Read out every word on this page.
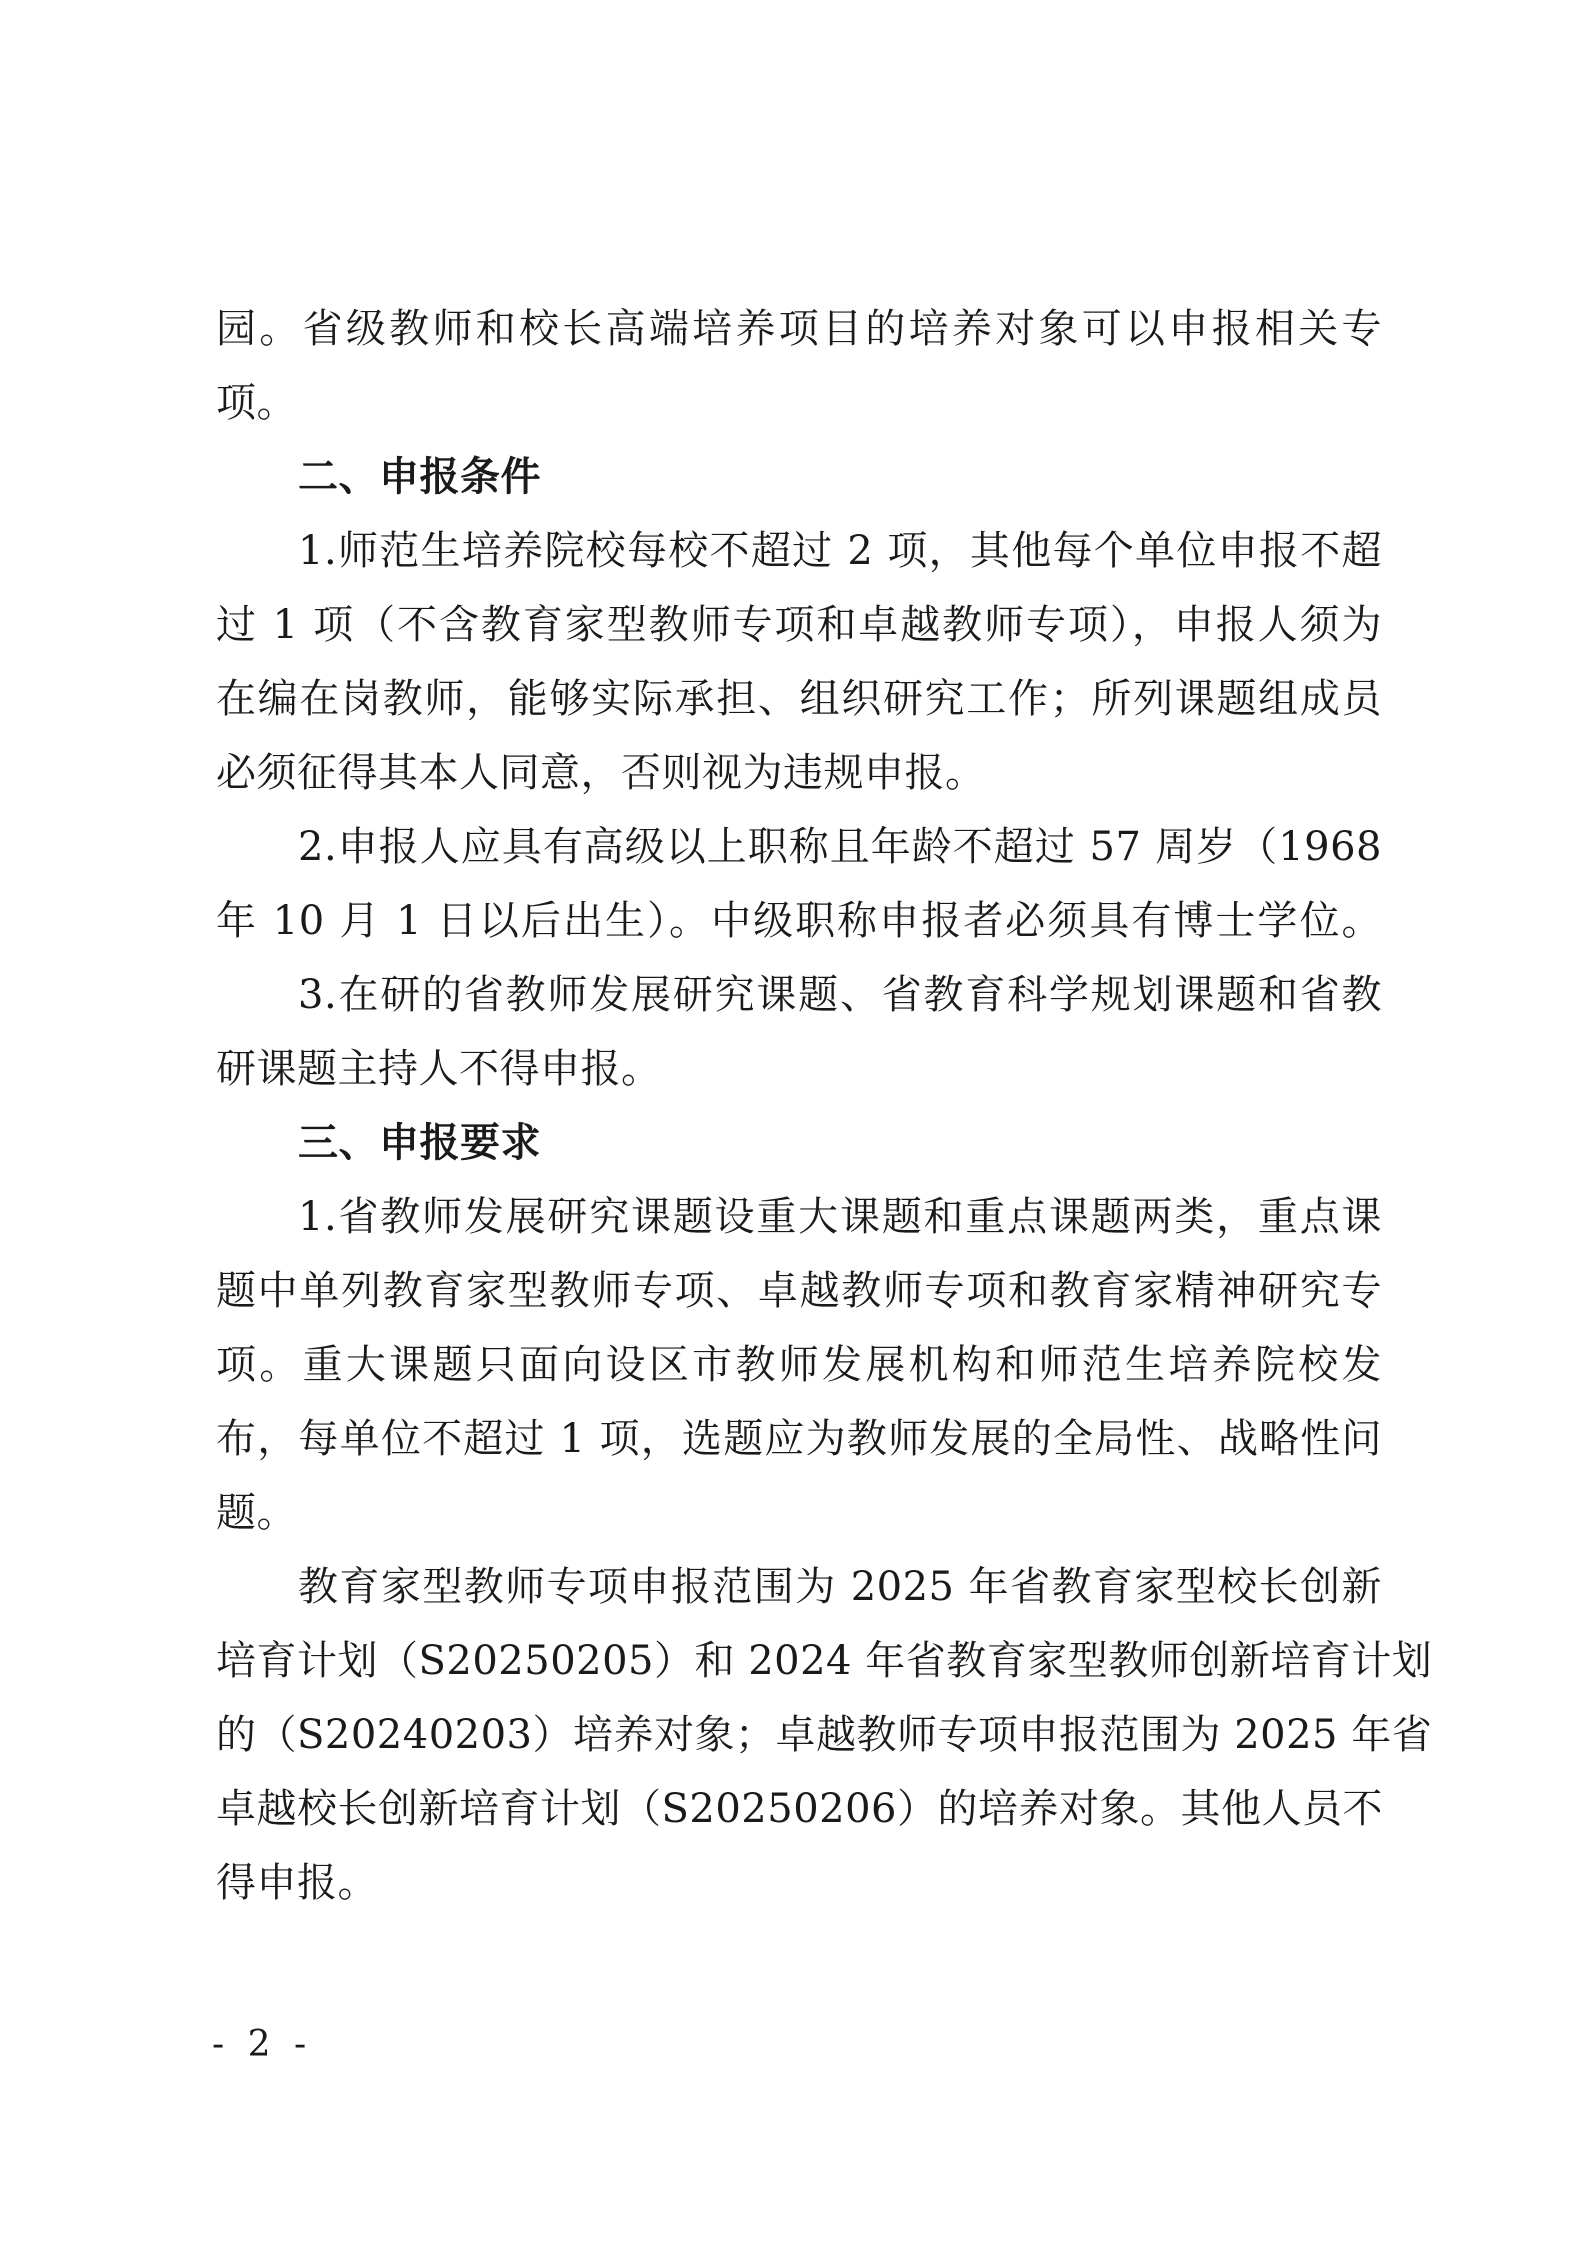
园。省级教师和校长高端培养项目的培养对象可以申报相关专
项。
二、申报条件
1.师范生培养院校每校不超过 2 项，其他每个单位申报不超
过 1 项（不含教育家型教师专项和卓越教师专项），申报人须为
在编在岗教师，能够实际承担、组织研究工作；所列课题组成员
必须征得其本人同意，否则视为违规申报。
2.申报人应具有高级以上职称且年龄不超过 57 周岁（1968
年 10 月 1 日以后出生）。中级职称申报者必须具有博士学位。
3.在研的省教师发展研究课题、省教育科学规划课题和省教
研课题主持人不得申报。
三、申报要求
1.省教师发展研究课题设重大课题和重点课题两类，重点课
题中单列教育家型教师专项、卓越教师专项和教育家精神研究专
项。重大课题只面向设区市教师发展机构和师范生培养院校发
布，每单位不超过 1 项，选题应为教师发展的全局性、战略性问
题。
教育家型教师专项申报范围为 2025 年省教育家型校长创新
培育计划（S20250205）和 2024 年省教育家型教师创新培育计划
的（S20240203）培养对象；卓越教师专项申报范围为 2025 年省
卓越校长创新培育计划（S20250206）的培养对象。其他人员不
得申报。
- 2 -
